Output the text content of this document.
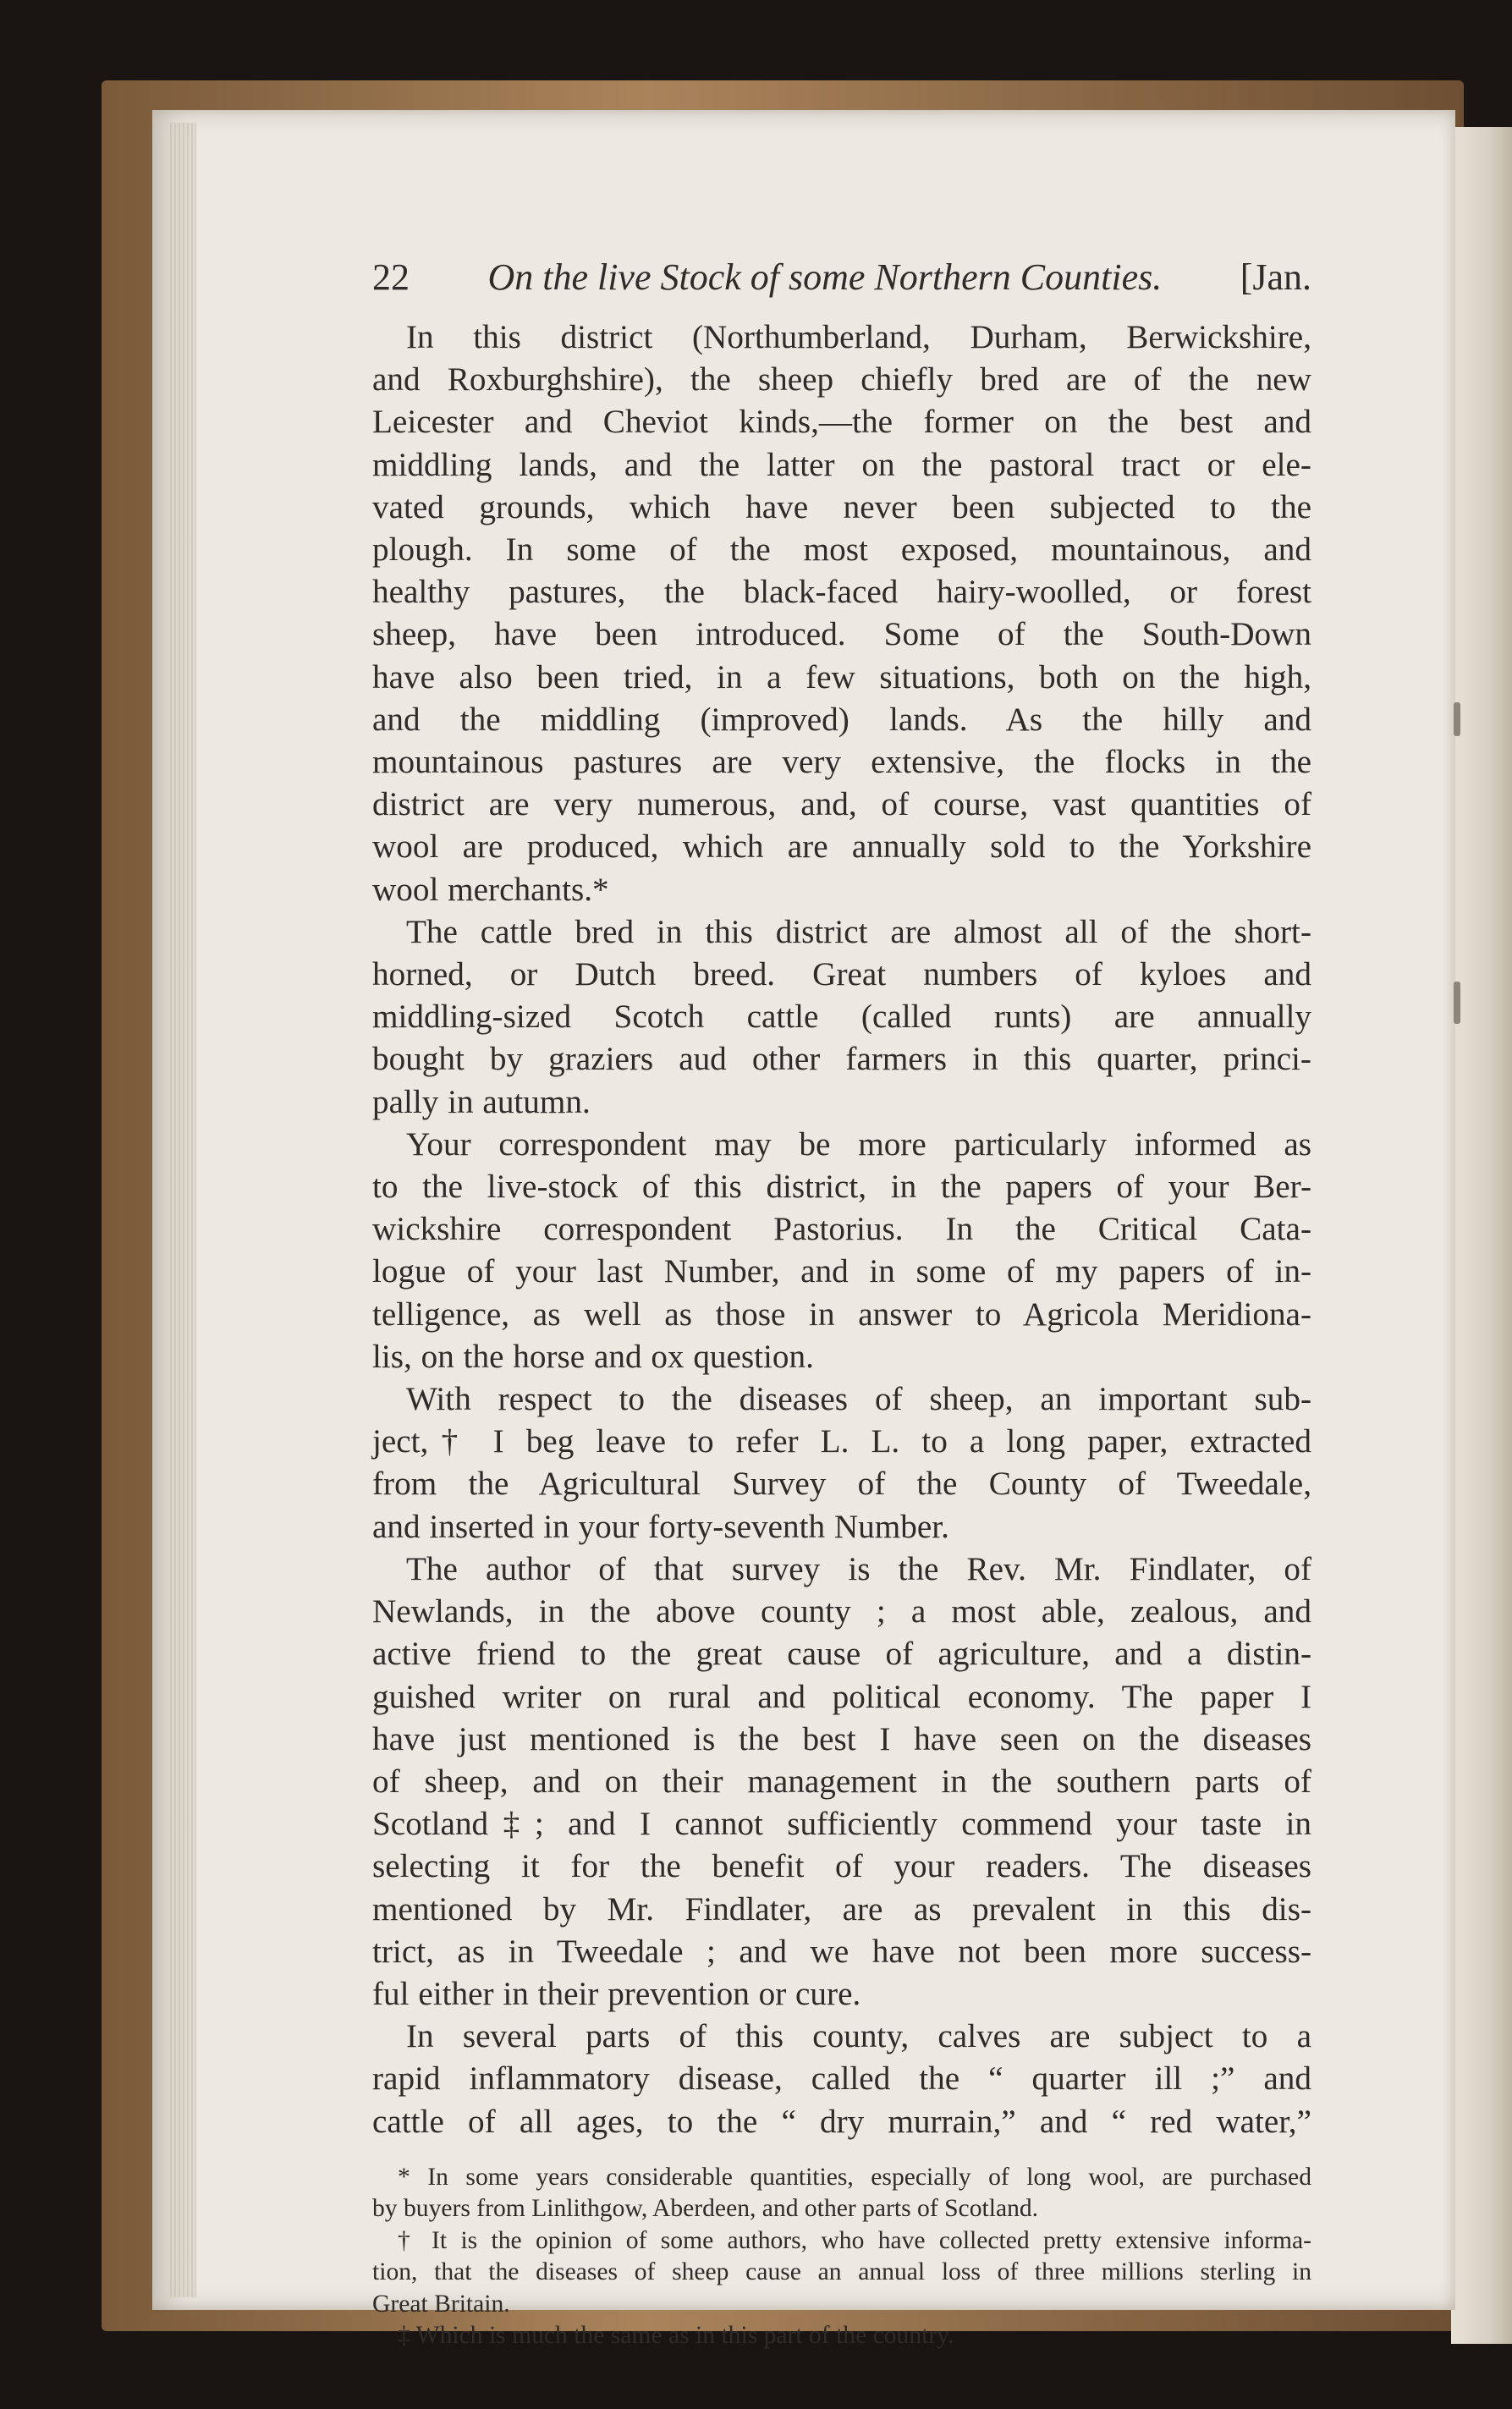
22	On the live Stock of some Northern Counties.	[Jan.
In this district (Northumberland, Durham, Berwickshire,
and Roxburghshire), the sheep chiefly bred are of the new
Leicester and Cheviot kinds,—the former on the best and
middling lands, and the latter on the pastoral tract or ele-
vated grounds, which have never been subjected to the
plough. In some of the most exposed, mountainous, and
healthy pastures, the black-faced hairy-woolled, or forest
sheep, have been introduced. Some of the South-Down
have also been tried, in a few situations, both on the high,
and the middling (improved) lands. As the hilly and
mountainous pastures are very extensive, the flocks in the
district are very numerous, and, of course, vast quantities of
wool are produced, which are annually sold to the Yorkshire
wool merchants.*
The cattle bred in this district are almost all of the short-
horned, or Dutch breed. Great numbers of kyloes and
middling-sized Scotch cattle (called runts) are annually
bought by graziers aud other farmers in this quarter, princi-
pally in autumn.
Your correspondent may be more particularly informed as
to the live-stock of this district, in the papers of your Ber-
wickshire correspondent Pastorius. In the Critical Cata-
logue of your last Number, and in some of my papers of in-
telligence, as well as those in answer to Agricola Meridiona-
lis, on the horse and ox question.
With respect to the diseases of sheep, an important sub-
ject,† I beg leave to refer L. L. to a long paper, extracted
from the Agricultural Survey of the County of Tweedale,
and inserted in your forty-seventh Number.
The author of that survey is the Rev. Mr. Findlater, of
Newlands, in the above county ; a most able, zealous, and
active friend to the great cause of agriculture, and a distin-
guished writer on rural and political economy. The paper I
have just mentioned is the best I have seen on the diseases
of sheep, and on their management in the southern parts of
Scotland‡; and I cannot sufficiently commend your taste in
selecting it for the benefit of your readers. The diseases
mentioned by Mr. Findlater, are as prevalent in this dis-
trict, as in Tweedale ; and we have not been more success-
ful either in their prevention or cure.
In several parts of this county, calves are subject to a
rapid inflammatory disease, called the “ quarter ill ;” and
cattle of all ages, to the “ dry murrain,” and “ red water,”
* In some years considerable quantities, especially of long wool, are purchased
by buyers from Linlithgow, Aberdeen, and other parts of Scotland.
† It is the opinion of some authors, who have collected pretty extensive informa-
tion, that the diseases of sheep cause an annual loss of three millions sterling in
Great Britain.
‡ Which is much the same as in this part of the country.
